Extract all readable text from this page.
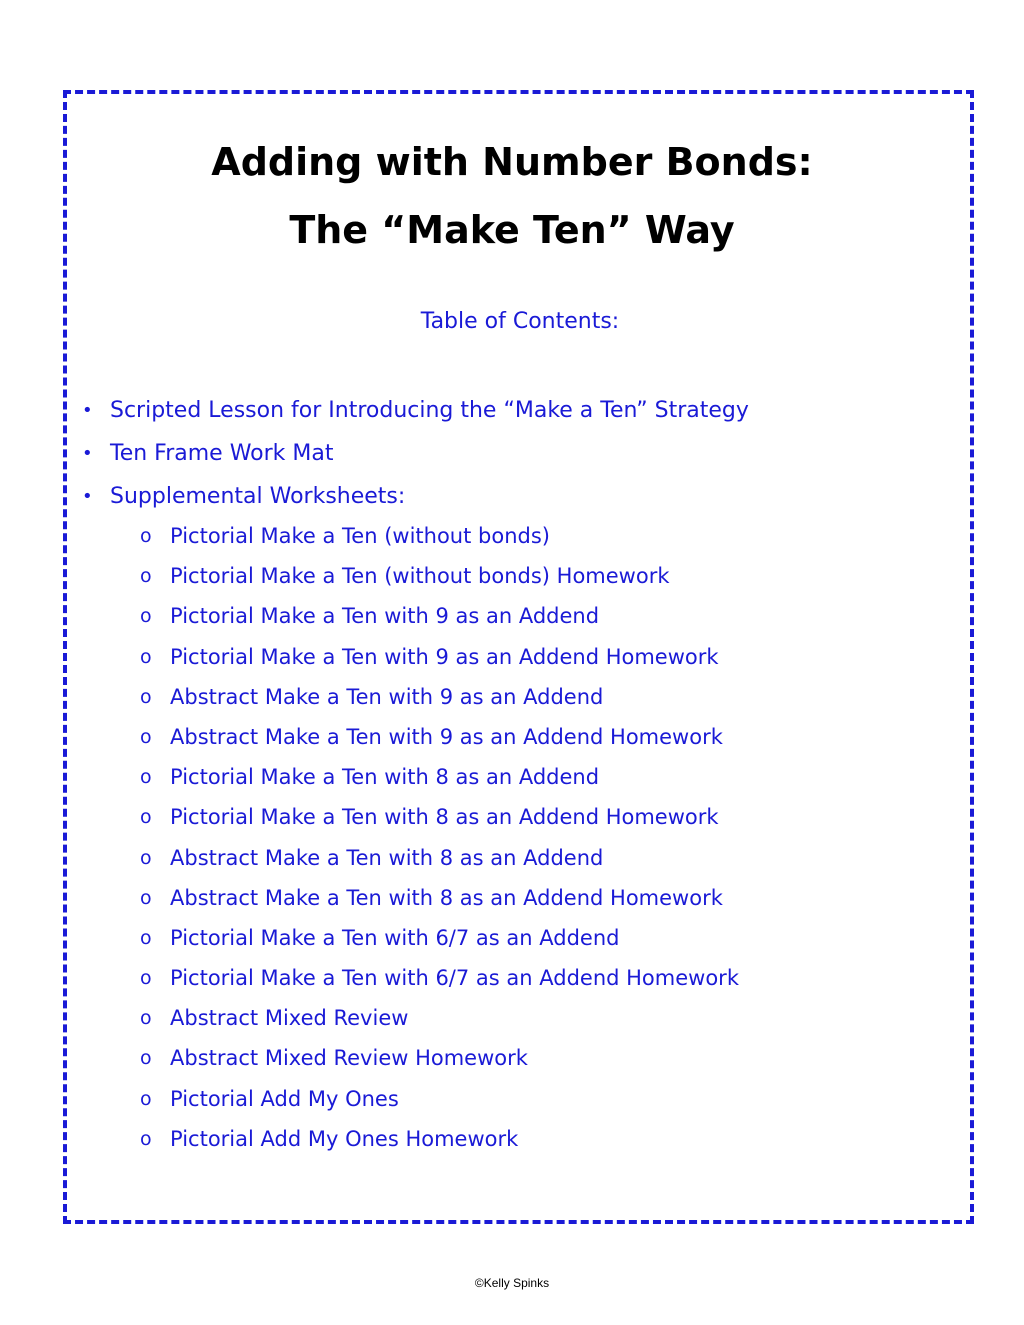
Adding with Number Bonds:
The “Make Ten” Way
Table of Contents:
• Scripted Lesson for Introducing the “Make a Ten” Strategy
• Ten Frame Work Mat
• Supplemental Worksheets:
o Pictorial Make a Ten (without bonds)
o Pictorial Make a Ten (without bonds) Homework
o Pictorial Make a Ten with 9 as an Addend
o Pictorial Make a Ten with 9 as an Addend Homework
o Abstract Make a Ten with 9 as an Addend
o Abstract Make a Ten with 9 as an Addend Homework
o Pictorial Make a Ten with 8 as an Addend
o Pictorial Make a Ten with 8 as an Addend Homework
o Abstract Make a Ten with 8 as an Addend
o Abstract Make a Ten with 8 as an Addend Homework
o Pictorial Make a Ten with 6/7 as an Addend
o Pictorial Make a Ten with 6/7 as an Addend Homework
o Abstract Mixed Review
o Abstract Mixed Review Homework
o Pictorial Add My Ones
o Pictorial Add My Ones Homework
©Kelly Spinks
